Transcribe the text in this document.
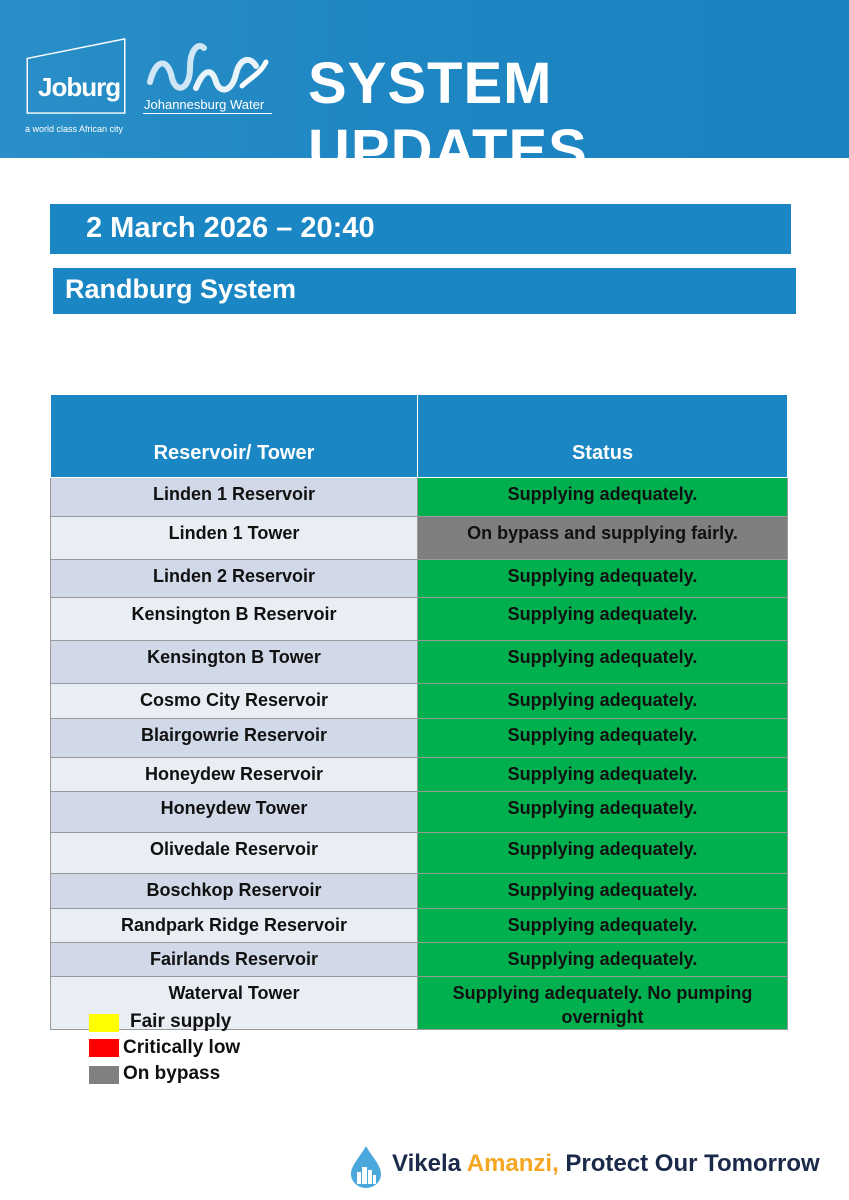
Joburg
a world class African city
Johannesburg Water SYSTEM UPDATES
2 March 2026 – 20:40
Randburg System
Reservoir/ Tower	Status
Linden 1 Reservoir	Supplying adequately.
Linden 1 Tower	On bypass and supplying fairly.
Linden 2 Reservoir	Supplying adequately.
Kensington B Reservoir	Supplying adequately.
Kensington B Tower	Supplying adequately.
Cosmo City Reservoir	Supplying adequately.
Blairgowrie Reservoir	Supplying adequately.
Honeydew Reservoir	Supplying adequately.
Honeydew Tower	Supplying adequately.
Olivedale Reservoir	Supplying adequately.
Boschkop Reservoir	Supplying adequately.
Randpark Ridge Reservoir	Supplying adequately.
Fairlands Reservoir	Supplying adequately.
Waterval Tower	Supplying adequately. No pumping overnight
Fair supply
Critically low
On bypass
Vikela Amanzi, Protect Our Tomorrow
